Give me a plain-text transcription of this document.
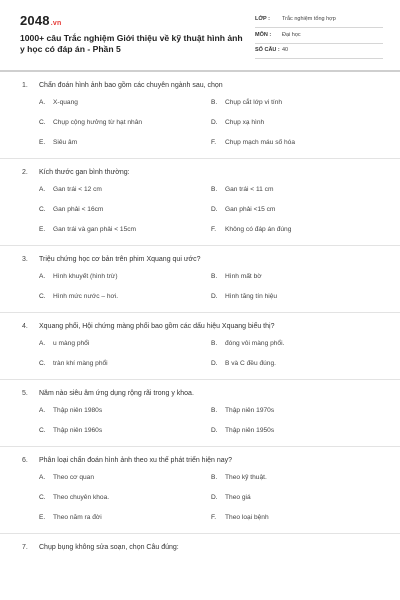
2048.vn
1000+ câu Trắc nghiệm Giới thiệu về kỹ thuật hình ảnh y học có đáp án - Phần 5
LỚP : Trắc nghiệm tổng hợp
MÔN : Đại học
SỐ CÂU : 40
1. Chẩn đoán hình ảnh bao gồm các chuyên ngành sau, chọn
A. X-quang	B. Chụp cắt lớp vi tính
C. Chụp cộng hưởng từ hạt nhân	D. Chụp xạ hình
E. Siêu âm	F. Chụp mạch máu số hóa
2. Kích thước gan bình thường:
A. Gan trái < 12 cm	B. Gan trái < 11 cm
C. Gan phải < 16cm	D. Gan phải <15 cm
E. Gan trái và gan phải < 15cm	F. Không có đáp án đúng
3. Triệu chứng học cơ bản trên phim Xquang qui ước?
A. Hình khuyết (hình trừ)	B. Hình mất bờ
C. Hình mức nước – hơi.	D. Hình tăng tín hiệu
4. Xquang phổi, Hội chứng màng phổi bao gồm các dấu hiệu Xquang biểu thị?
A. u màng phổi	B. đóng vôi màng phổi.
C. tràn khí màng phổi	D. B và C đều đúng.
5. Năm nào siêu âm ứng dụng rộng rãi trong y khoa.
A. Thập niên 1980s	B. Thập niên 1970s
C. Thập niên 1960s	D. Thập niên 1950s
6. Phân loại chẩn đoán hình ảnh theo xu thế phát triển hiện nay?
A. Theo cơ quan	B. Theo kỹ thuật.
C. Theo chuyên khoa.	D. Theo giá
E. Theo năm ra đời	F. Theo loại bệnh
7. Chụp bụng không sửa soạn, chọn Câu đúng:
